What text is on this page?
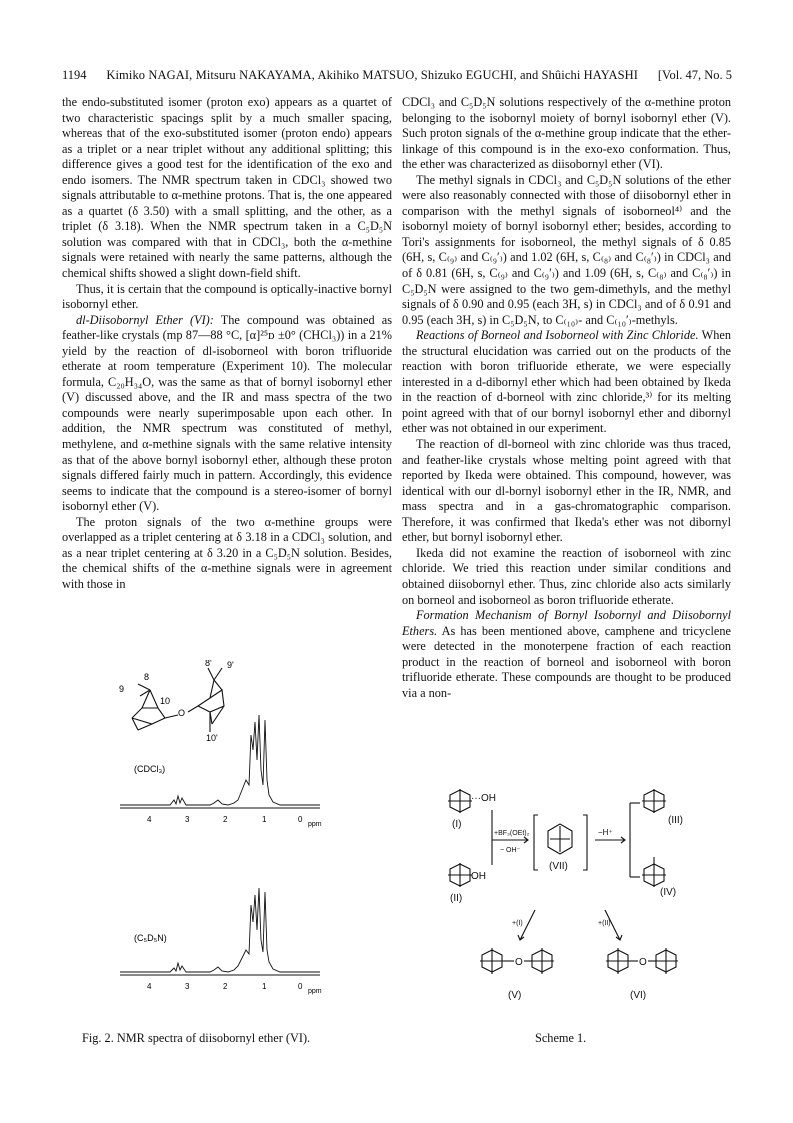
1194 Kimiko NAGAI, Mitsuru NAKAYAMA, Akihiko MATSUO, Shizuko EGUCHI, and Shûichi HAYASHI [Vol. 47, No. 5

the endo-substituted isomer (proton exo) appears as a quartet of two characteristic spacings split by a much smaller spacing, whereas that of the exo-substituted isomer (proton endo) appears as a triplet or a near triplet without any additional splitting; this difference gives a good test for the identification of the exo and endo isomers. The NMR spectrum taken in CDCl₃ showed two signals attributable to α-methine protons. That is, the one appeared as a quartet (δ 3.50) with a small splitting, and the other, as a triplet (δ 3.18). When the NMR spectrum taken in a C₅D₅N solution was compared with that in CDCl₃, both the α-methine signals were retained with nearly the same patterns, although the chemical shifts showed a slight down-field shift.

Thus, it is certain that the compound is optically-inactive bornyl isobornyl ether.

dl-Diisobornyl Ether (VI): The compound was obtained as feather-like crystals (mp 87—88 °C, [α]²⁵ᴅ ±0° (CHCl₃)) in a 21% yield by the reaction of dl-isoborneol with boron trifluoride etherate at room temperature (Experiment 10). The molecular formula, C₂₀H₃₄O, was the same as that of bornyl isobornyl ether (V) discussed above, and the IR and mass spectra of the two compounds were nearly superimposable upon each other. In addition, the NMR spectrum was constituted of methyl, methylene, and α-methine signals with the same relative intensity as that of the above bornyl isobornyl ether, although these proton signals differed fairly much in pattern. Accordingly, this evidence seems to indicate that the compound is a stereo-isomer of bornyl isobornyl ether (V).

The proton signals of the two α-methine groups were overlapped as a triplet centering at δ 3.18 in a CDCl₃ solution, and as a near triplet centering at δ 3.20 in a C₅D₅N solution. Besides, the chemical shifts of the α-methine signals were in agreement with those in

CDCl₃ and C₅D₅N solutions respectively of the α-methine proton belonging to the isobornyl moiety of bornyl isobornyl ether (V). Such proton signals of the α-methine group indicate that the ether-linkage of this compound is in the exo-exo conformation. Thus, the ether was characterized as diisobornyl ether (VI).

The methyl signals in CDCl₃ and C₅D₅N solutions of the ether were also reasonably connected with those of diisobornyl ether in comparison with the methyl signals of isoborneol⁴⁾ and the isobornyl moiety of bornyl isobornyl ether; besides, according to Tori's assignments for isoborneol, the methyl signals of δ 0.85 (6H, s, C₍₉₎ and C₍₉′₎) and 1.02 (6H, s, C₍₈₎ and C₍₈′₎) in CDCl₃ and of δ 0.81 (6H, s, C₍₉₎ and C₍₉′₎) and 1.09 (6H, s, C₍₈₎ and C₍₈′₎) in C₅D₅N were assigned to the two gem-dimethyls, and the methyl signals of δ 0.90 and 0.95 (each 3H, s) in CDCl₃ and of δ 0.91 and 0.95 (each 3H, s) in C₅D₅N, to C₍₁₀₎- and C₍₁₀′₎-methyls.

Reactions of Borneol and Isoborneol with Zinc Chloride. When the structural elucidation was carried out on the products of the reaction with boron trifluoride etherate, we were especially interested in a d-dibornyl ether which had been obtained by Ikeda in the reaction of d-borneol with zinc chloride,³⁾ for its melting point agreed with that of our bornyl isobornyl ether and dibornyl ether was not obtained in our experiment.

The reaction of dl-borneol with zinc chloride was thus traced, and feather-like crystals whose melting point agreed with that reported by Ikeda were obtained. This compound, however, was identical with our dl-bornyl isobornyl ether in the IR, NMR, and mass spectra and in a gas-chromatographic comparison. Therefore, it was confirmed that Ikeda's ether was not dibornyl ether, but bornyl isobornyl ether.

Ikeda did not examine the reaction of isoborneol with zinc chloride. We tried this reaction under similar conditions and obtained diisobornyl ether. Thus, zinc chloride also acts similarly on borneol and isoborneol as boron trifluoride etherate.

Formation Mechanism of Bornyl Isobornyl and Diisobornyl Ethers. As has been mentioned above, camphene and tricyclene were detected in the monoterpene fraction of each reaction product in the reaction of borneol and isoborneol with boron trifluoride etherate. These compounds are thought to be produced via a non-

8' 9'
9
8
10
O
10'
(CDCl₃)
4	3	2	1	0
ppm
(C₅D₅N)
4	3	2	1	0
ppm
Fig. 2. NMR spectra of diisobornyl ether (VI).
···OH
(I)
OH
(II)
+BF₃(OEt)₂
− OH⁻
(VII)
−H⁺
(III)
(IV)
+(I)	+(II)
O	O
(V)	(VI)
Scheme 1.
